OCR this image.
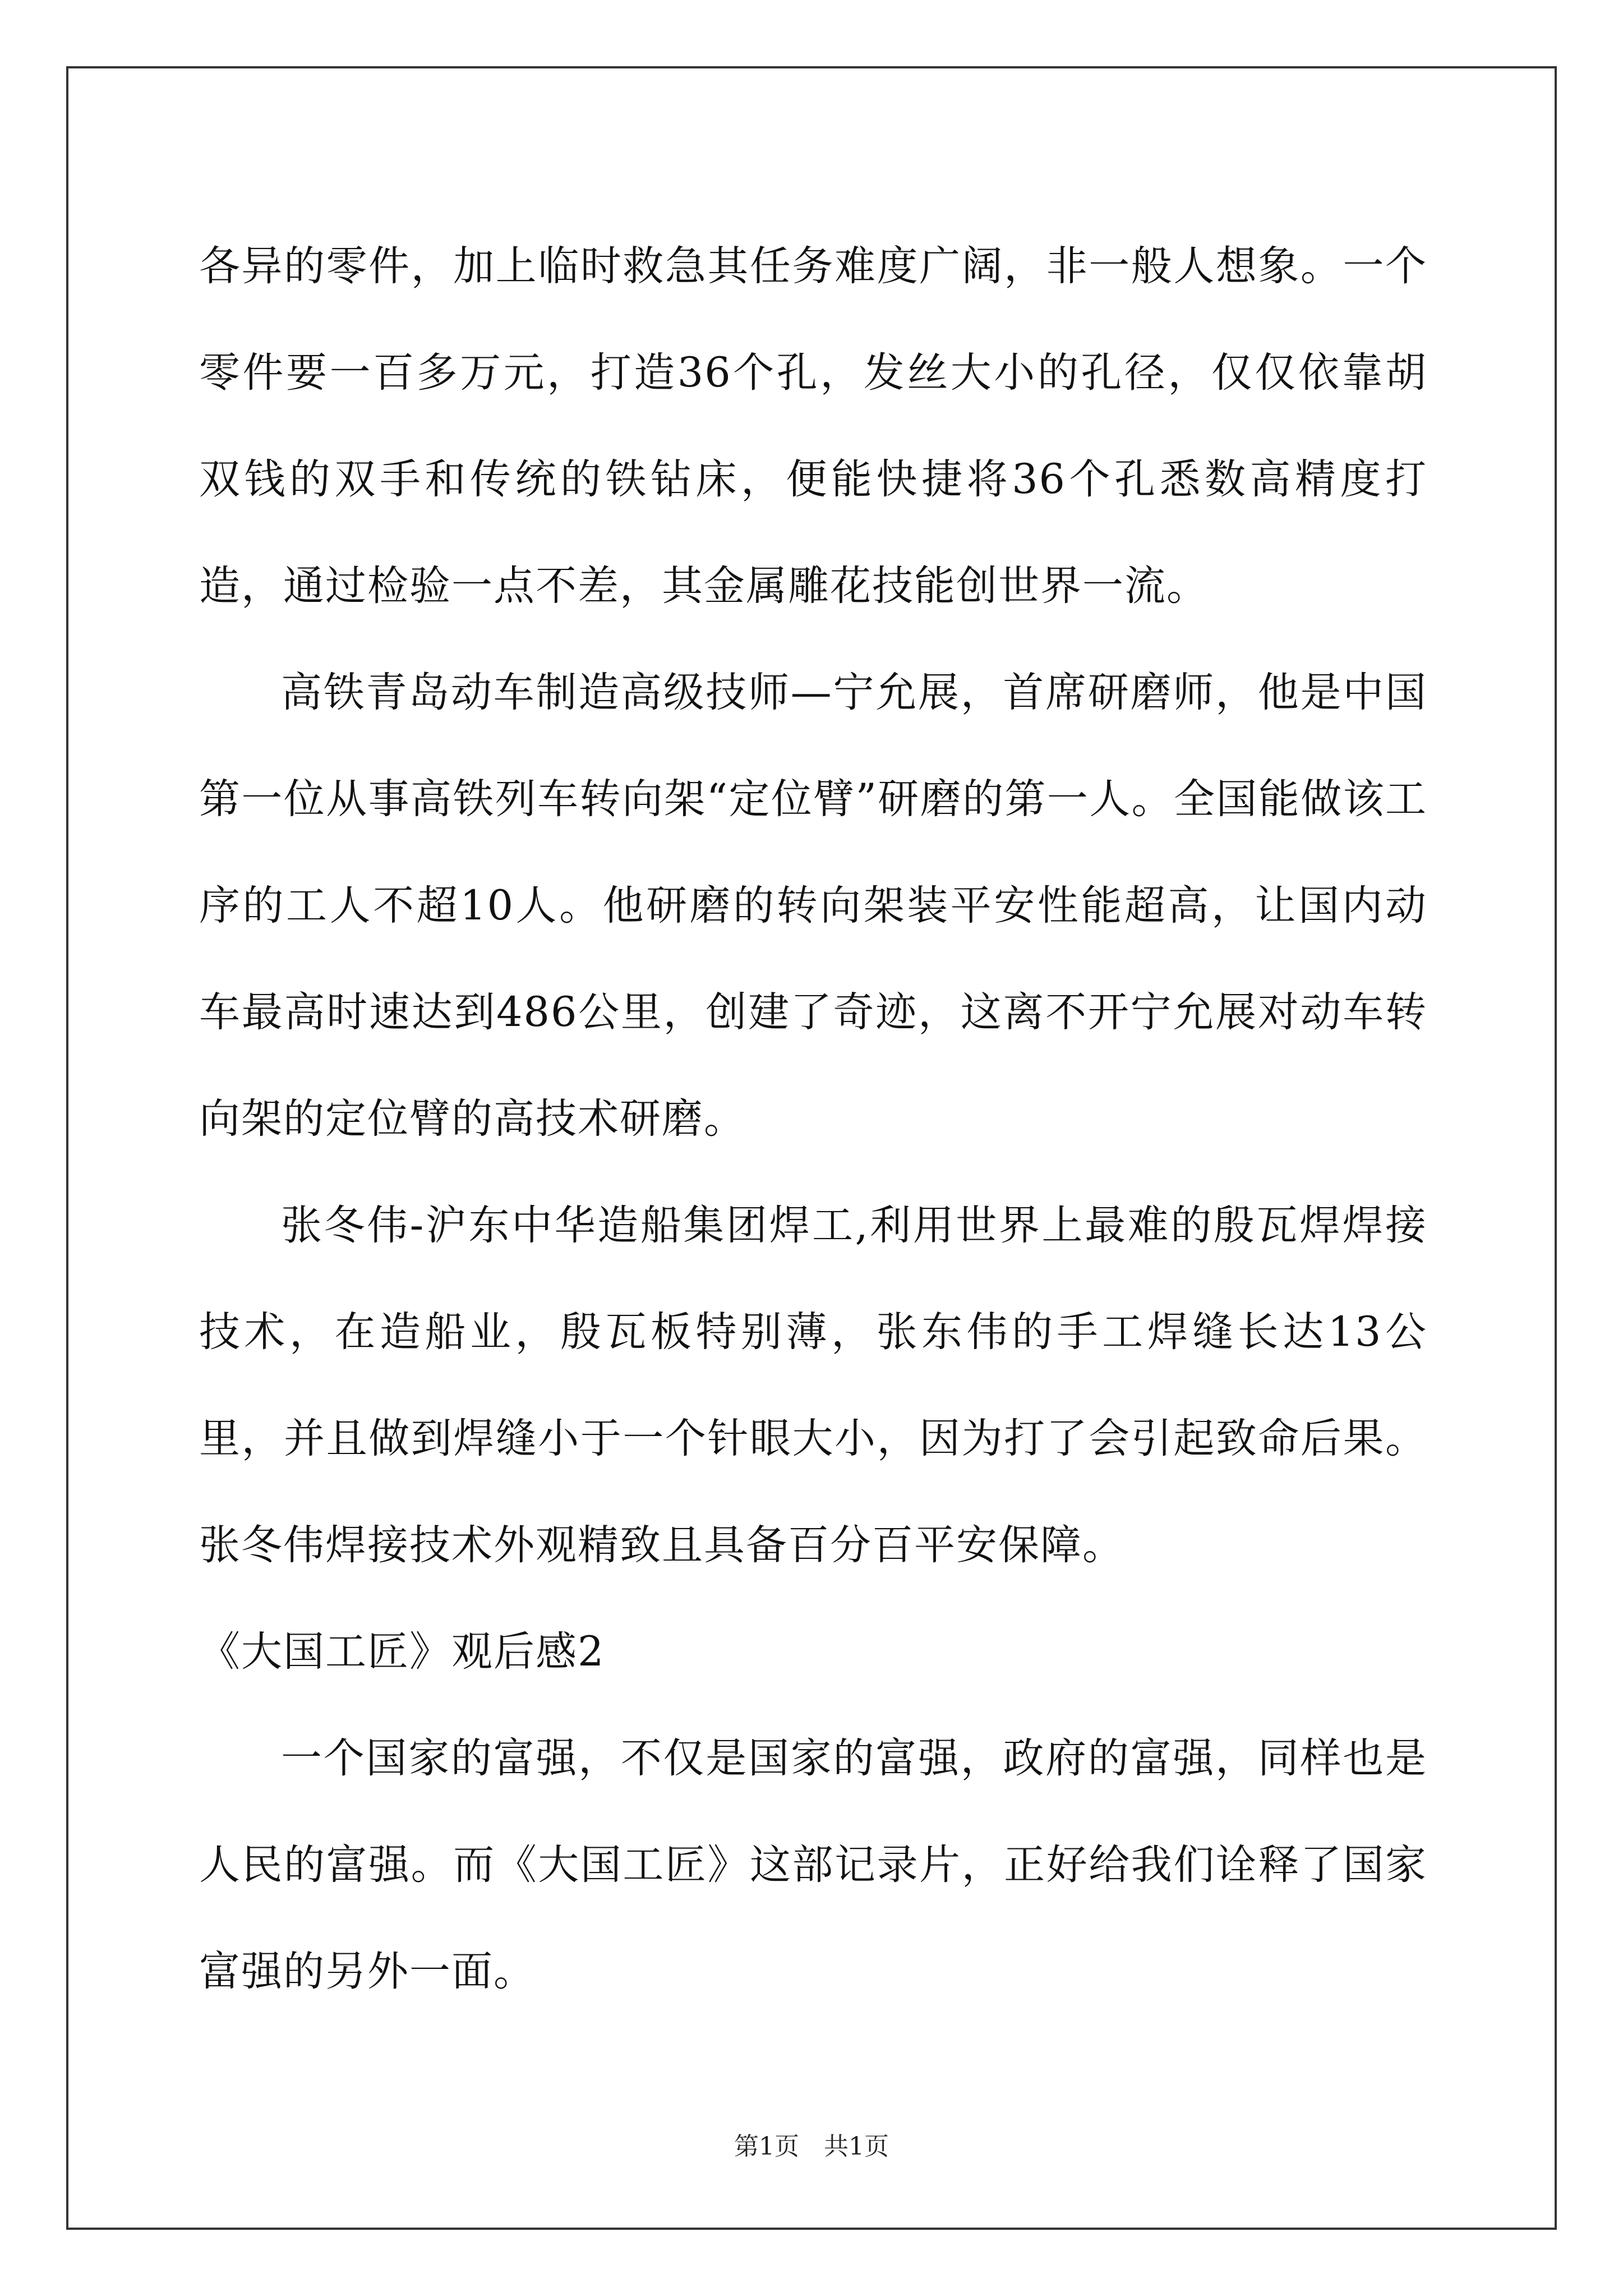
各异的零件，加上临时救急其任务难度广阔，非一般人想象。一个零件要一百多万元，打造36个孔，发丝大小的孔径，仅仅依靠胡双钱的双手和传统的铁钻床，便能快捷将36个孔悉数高精度打造，通过检验一点不差，其金属雕花技能创世界一流。

高铁青岛动车制造高级技师—宁允展，首席研磨师，他是中国第一位从事高铁列车转向架“定位臂”研磨的第一人。全国能做该工序的工人不超10人。他研磨的转向架装平安性能超高，让国内动车最高时速达到486公里，创建了奇迹，这离不开宁允展对动车转向架的定位臂的高技术研磨。

张冬伟-沪东中华造船集团焊工,利用世界上最难的殷瓦焊焊接技术，在造船业，殷瓦板特别薄，张东伟的手工焊缝长达13公里，并且做到焊缝小于一个针眼大小，因为打了会引起致命后果。张冬伟焊接技术外观精致且具备百分百平安保障。

《大国工匠》观后感2

一个国家的富强，不仅是国家的富强，政府的富强，同样也是人民的富强。而《大国工匠》这部记录片，正好给我们诠释了国家富强的另外一面。

第1页　共1页
